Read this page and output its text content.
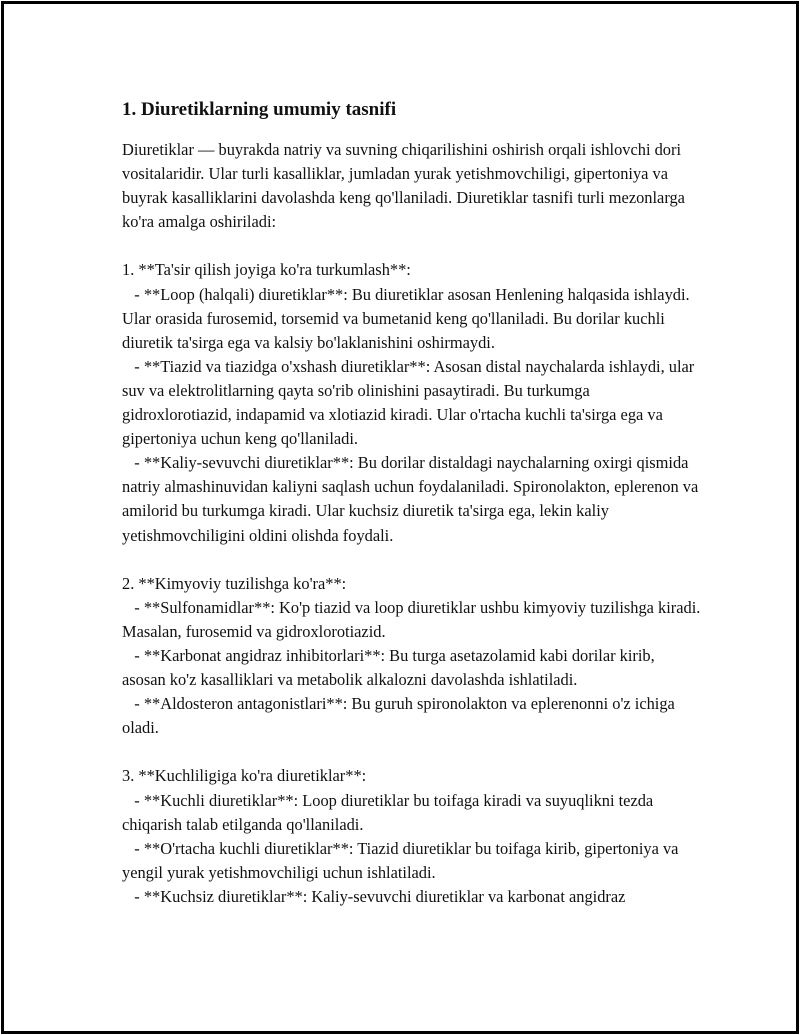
1. Diuretiklarning umumiy tasnifi

Diuretiklar — buyrakda natriy va suvning chiqarilishini oshirish orqali ishlovchi dori vositalaridir. Ular turli kasalliklar, jumladan yurak yetishmovchiligi, gipertoniya va buyrak kasalliklarini davolashda keng qo'llaniladi. Diuretiklar tasnifi turli mezonlarga ko'ra amalga oshiriladi:

1. **Ta'sir qilish joyiga ko'ra turkumlash**:

- **Loop (halqali) diuretiklar**: Bu diuretiklar asosan Henlening halqasida ishlaydi. Ular orasida furosemid, torsemid va bumetanid keng qo'llaniladi. Bu dorilar kuchli diuretik ta'sirga ega va kalsiy bo'laklanishini oshirmaydi.

- **Tiazid va tiazidga o'xshash diuretiklar**: Asosan distal naychalarda ishlaydi, ular suv va elektrolitlarning qayta so'rib olinishini pasaytiradi. Bu turkumga gidroxlorotiazid, indapamid va xlotiazid kiradi. Ular o'rtacha kuchli ta'sirga ega va gipertoniya uchun keng qo'llaniladi.

- **Kaliy-sevuvchi diuretiklar**: Bu dorilar distaldagi naychalarning oxirgi qismida natriy almashinuvidan kaliyni saqlash uchun foydalaniladi. Spironolakton, eplerenon va amilorid bu turkumga kiradi. Ular kuchsiz diuretik ta'sirga ega, lekin kaliy yetishmovchiligini oldini olishda foydali.

2. **Kimyoviy tuzilishga ko'ra**:

- **Sulfonamidlar**: Ko'p tiazid va loop diuretiklar ushbu kimyoviy tuzilishga kiradi. Masalan, furosemid va gidroxlorotiazid.

- **Karbonat angidraz inhibitorlari**: Bu turga asetazolamid kabi dorilar kirib, asosan ko'z kasalliklari va metabolik alkalozni davolashda ishlatiladi.

- **Aldosteron antagonistlari**: Bu guruh spironolakton va eplerenonni o'z ichiga oladi.

3. **Kuchliligiga ko'ra diuretiklar**:

- **Kuchli diuretiklar**: Loop diuretiklar bu toifaga kiradi va suyuqlikni tezda chiqarish talab etilganda qo'llaniladi.

- **O'rtacha kuchli diuretiklar**: Tiazid diuretiklar bu toifaga kirib, gipertoniya va yengil yurak yetishmovchiligi uchun ishlatiladi.

- **Kuchsiz diuretiklar**: Kaliy-sevuvchi diuretiklar va karbonat angidraz
